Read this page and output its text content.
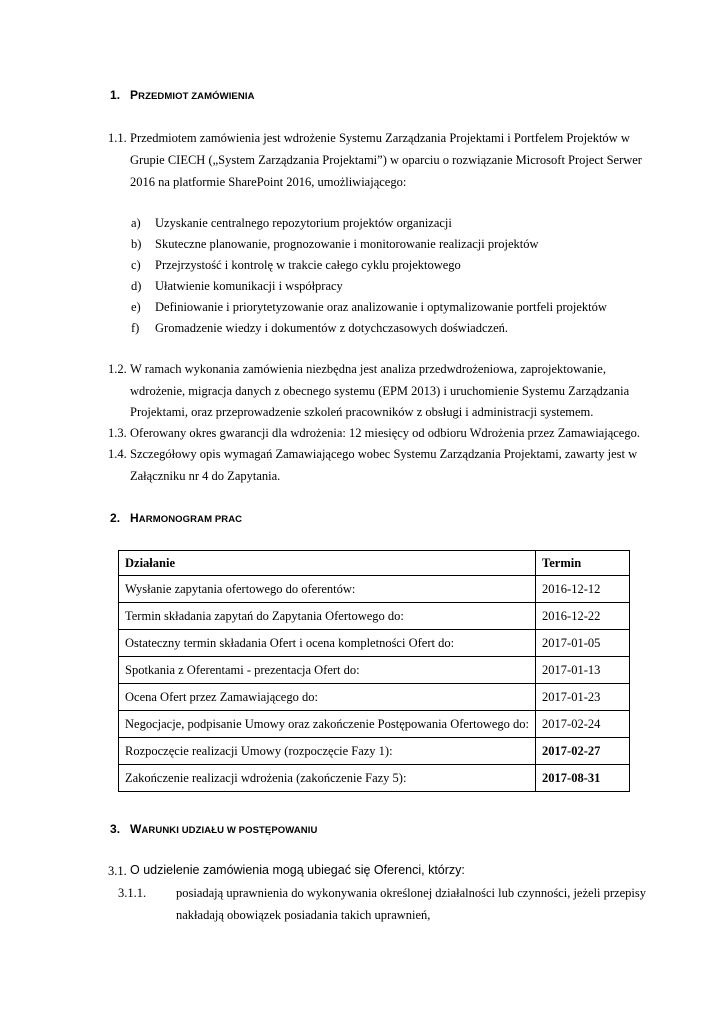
1. PRZEDMIOT ZAMÓWIENIA
1.1. Przedmiotem zamówienia jest wdrożenie Systemu Zarządzania Projektami i Portfelem Projektów w
Grupie CIECH („System Zarządzania Projektami”) w oparciu o rozwiązanie Microsoft Project Serwer
2016 na platformie SharePoint 2016, umożliwiającego:
a) Uzyskanie centralnego repozytorium projektów organizacji
b) Skuteczne planowanie, prognozowanie i monitorowanie realizacji projektów
c) Przejrzystość i kontrolę w trakcie całego cyklu projektowego
d) Ułatwienie komunikacji i współpracy
e) Definiowanie i priorytetyzowanie oraz analizowanie i optymalizowanie portfeli projektów
f) Gromadzenie wiedzy i dokumentów z dotychczasowych doświadczeń.
1.2. W ramach wykonania zamówienia niezbędna jest analiza przedwdrożeniowa, zaprojektowanie,
wdrożenie, migracja danych z obecnego systemu (EPM 2013) i uruchomienie Systemu Zarządzania
Projektami, oraz przeprowadzenie szkoleń pracowników z obsługi i administracji systemem.
1.3. Oferowany okres gwarancji dla wdrożenia: 12 miesięcy od odbioru Wdrożenia przez Zamawiającego.
1.4. Szczegółowy opis wymagań Zamawiającego wobec Systemu Zarządzania Projektami, zawarty jest w
Załączniku nr 4 do Zapytania.
2. HARMONOGRAM PRAC
Działanie	Termin
Wysłanie zapytania ofertowego do oferentów:	2016-12-12
Termin składania zapytań do Zapytania Ofertowego do:	2016-12-22
Ostateczny termin składania Ofert i ocena kompletności Ofert do:	2017-01-05
Spotkania z Oferentami - prezentacja Ofert do:	2017-01-13
Ocena Ofert przez Zamawiającego do:	2017-01-23
Negocjacje, podpisanie Umowy oraz zakończenie Postępowania Ofertowego do:	2017-02-24
Rozpoczęcie realizacji Umowy (rozpoczęcie Fazy 1):	2017-02-27
Zakończenie realizacji wdrożenia (zakończenie Fazy 5):	2017-08-31
3. WARUNKI UDZIAŁU W POSTĘPOWANIU
3.1. O udzielenie zamówienia mogą ubiegać się Oferenci, którzy:
3.1.1. posiadają uprawnienia do wykonywania określonej działalności lub czynności, jeżeli przepisy
nakładają obowiązek posiadania takich uprawnień,
